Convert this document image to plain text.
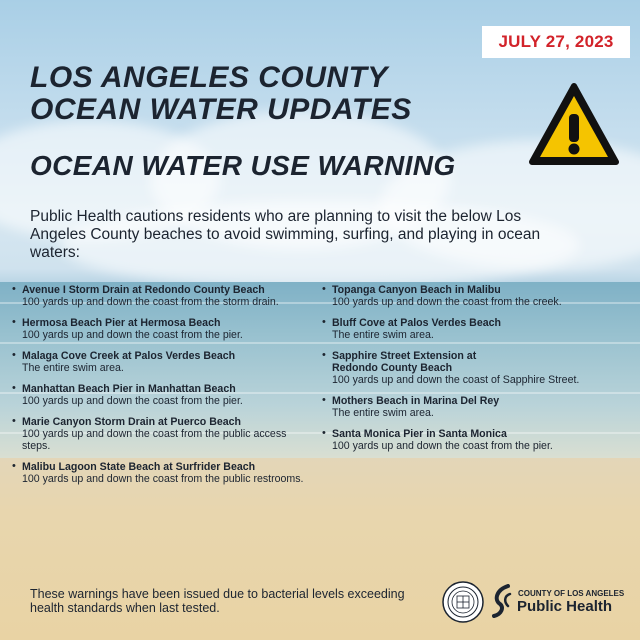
JULY 27, 2023
LOS ANGELES COUNTY
OCEAN WATER UPDATES
OCEAN WATER USE WARNING
Public Health cautions residents who are planning to visit the below Los Angeles County beaches to avoid swimming, surfing, and playing in ocean waters:
• Avenue I Storm Drain at Redondo County Beach
100 yards up and down the coast from the storm drain.
• Hermosa Beach Pier at Hermosa Beach
100 yards up and down the coast from the pier.
• Malaga Cove Creek at Palos Verdes Beach
The entire swim area.
• Manhattan Beach Pier in Manhattan Beach
100 yards up and down the coast from the pier.
• Marie Canyon Storm Drain at Puerco Beach
100 yards up and down the coast from the public access steps.
• Malibu Lagoon State Beach at Surfrider Beach
100 yards up and down the coast from the public restrooms.
• Topanga Canyon Beach in Malibu
100 yards up and down the coast from the creek.
• Bluff Cove at Palos Verdes Beach
The entire swim area.
• Sapphire Street Extension at Redondo County Beach
100 yards up and down the coast of Sapphire Street.
• Mothers Beach in Marina Del Rey
The entire swim area.
• Santa Monica Pier in Santa Monica
100 yards up and down the coast from the pier.
These warnings have been issued due to bacterial levels exceeding health standards when last tested.
COUNTY OF LOS ANGELES
Public Health
